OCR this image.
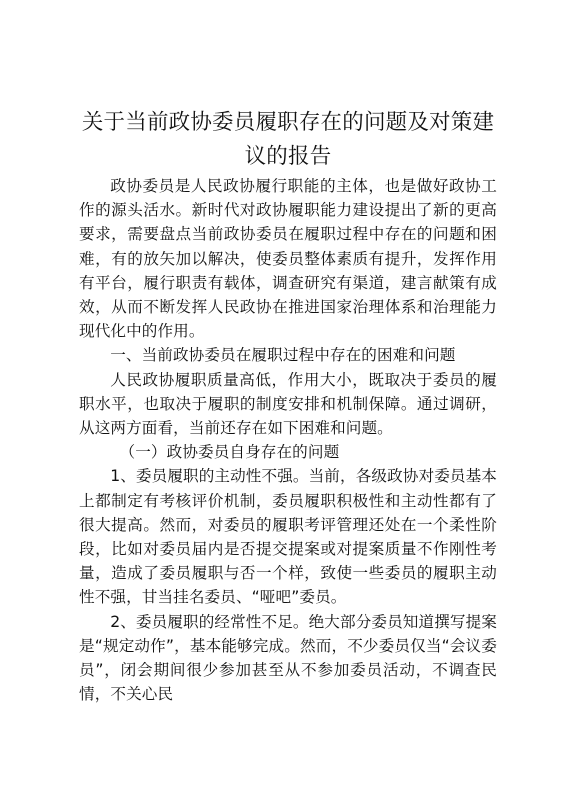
关于当前政协委员履职存在的问题及对策建议的报告

政协委员是人民政协履行职能的主体，也是做好政协工作的源头活水。新时代对政协履职能力建设提出了新的更高要求，需要盘点当前政协委员在履职过程中存在的问题和困难，有的放矢加以解决，使委员整体素质有提升，发挥作用有平台，履行职责有载体，调查研究有渠道，建言献策有成效，从而不断发挥人民政协在推进国家治理体系和治理能力现代化中的作用。

一、当前政协委员在履职过程中存在的困难和问题

人民政协履职质量高低，作用大小，既取决于委员的履职水平，也取决于履职的制度安排和机制保障。通过调研，从这两方面看，当前还存在如下困难和问题。

（一）政协委员自身存在的问题

1、委员履职的主动性不强。当前，各级政协对委员基本上都制定有考核评价机制，委员履职积极性和主动性都有了很大提高。然而，对委员的履职考评管理还处在一个柔性阶段，比如对委员届内是否提交提案或对提案质量不作刚性考量，造成了委员履职与否一个样，致使一些委员的履职主动性不强，甘当挂名委员、“哑吧”委员。

2、委员履职的经常性不足。绝大部分委员知道撰写提案是“规定动作”，基本能够完成。然而，不少委员仅当“会议委员”，闭会期间很少参加甚至从不参加委员活动，不调查民情，不关心民
